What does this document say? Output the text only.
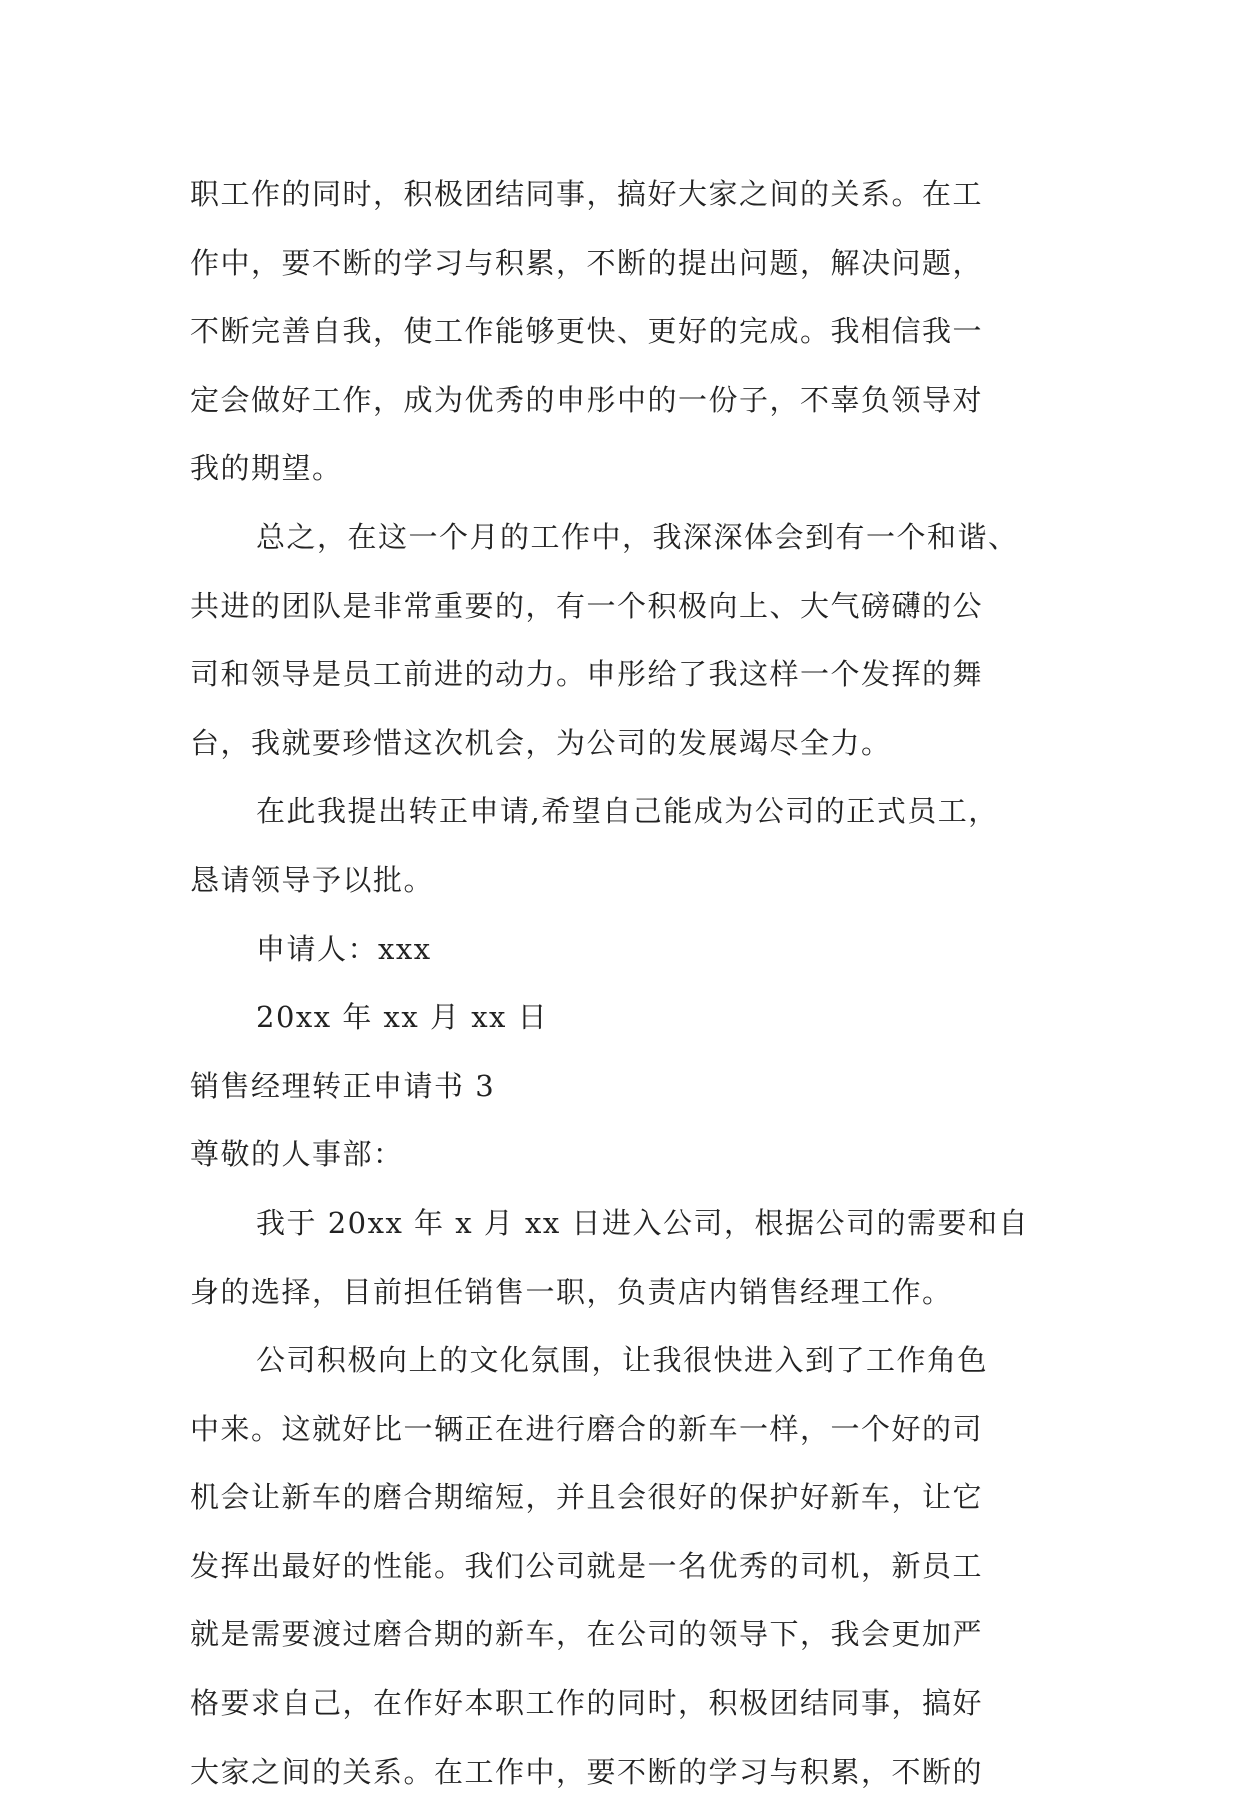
职工作的同时，积极团结同事，搞好大家之间的关系。在工
作中，要不断的学习与积累，不断的提出问题，解决问题，
不断完善自我，使工作能够更快、更好的完成。我相信我一
定会做好工作，成为优秀的申彤中的一份子，不辜负领导对
我的期望。
总之，在这一个月的工作中，我深深体会到有一个和谐、
共进的团队是非常重要的，有一个积极向上、大气磅礴的公
司和领导是员工前进的动力。申彤给了我这样一个发挥的舞
台，我就要珍惜这次机会，为公司的发展竭尽全力。
在此我提出转正申请,希望自己能成为公司的正式员工，
恳请领导予以批。
申请人：xxx
20xx 年 xx 月 xx 日
销售经理转正申请书 3
尊敬的人事部：
我于 20xx 年 x 月 xx 日进入公司，根据公司的需要和自
身的选择，目前担任销售一职，负责店内销售经理工作。
公司积极向上的文化氛围，让我很快进入到了工作角色
中来。这就好比一辆正在进行磨合的新车一样，一个好的司
机会让新车的磨合期缩短，并且会很好的保护好新车，让它
发挥出最好的性能。我们公司就是一名优秀的司机，新员工
就是需要渡过磨合期的新车，在公司的领导下，我会更加严
格要求自己，在作好本职工作的同时，积极团结同事，搞好
大家之间的关系。在工作中，要不断的学习与积累，不断的
